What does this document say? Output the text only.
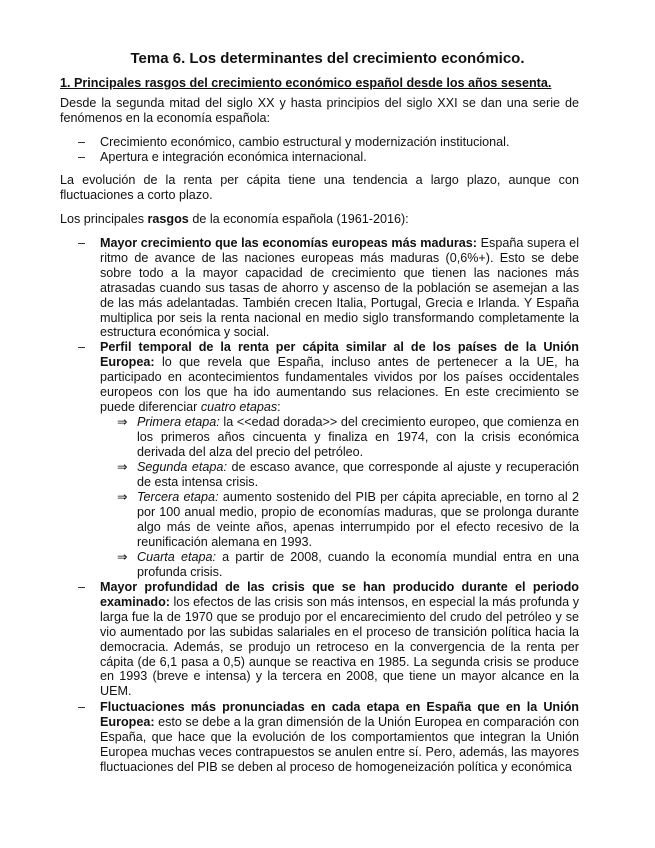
Tema 6. Los determinantes del crecimiento económico.
1. Principales rasgos del crecimiento económico español desde los años sesenta.
Desde la segunda mitad del siglo XX y hasta principios del siglo XXI se dan una serie de fenómenos en la economía española:
–	Crecimiento económico, cambio estructural y modernización institucional.
–	Apertura e integración económica internacional.
La evolución de la renta per cápita tiene una tendencia a largo plazo, aunque con fluctuaciones a corto plazo.
Los principales rasgos de la economía española (1961-2016):
–	Mayor crecimiento que las economías europeas más maduras: España supera el ritmo de avance de las naciones europeas más maduras (0,6%+). Esto se debe sobre todo a la mayor capacidad de crecimiento que tienen las naciones más atrasadas cuando sus tasas de ahorro y ascenso de la población se asemejan a las de las más adelantadas. También crecen Italia, Portugal, Grecia e Irlanda. Y España multiplica por seis la renta nacional en medio siglo transformando completamente la estructura económica y social.
–	Perfil temporal de la renta per cápita similar al de los países de la Unión Europea: lo que revela que España, incluso antes de pertenecer a la UE, ha participado en acontecimientos fundamentales vividos por los países occidentales europeos con los que ha ido aumentando sus relaciones. En este crecimiento se puede diferenciar cuatro etapas:
⇒ Primera etapa: la <<edad dorada>> del crecimiento europeo, que comienza en los primeros años cincuenta y finaliza en 1974, con la crisis económica derivada del alza del precio del petróleo.
⇒ Segunda etapa: de escaso avance, que corresponde al ajuste y recuperación de esta intensa crisis.
⇒ Tercera etapa: aumento sostenido del PIB per cápita apreciable, en torno al 2 por 100 anual medio, propio de economías maduras, que se prolonga durante algo más de veinte años, apenas interrumpido por el efecto recesivo de la reunificación alemana en 1993.
⇒ Cuarta etapa: a partir de 2008, cuando la economía mundial entra en una profunda crisis.
–	Mayor profundidad de las crisis que se han producido durante el periodo examinado: los efectos de las crisis son más intensos, en especial la más profunda y larga fue la de 1970 que se produjo por el encarecimiento del crudo del petróleo y se vio aumentado por las subidas salariales en el proceso de transición política hacia la democracia. Además, se produjo un retroceso en la convergencia de la renta per cápita (de 6,1 pasa a 0,5) aunque se reactiva en 1985. La segunda crisis se produce en 1993 (breve e intensa) y la tercera en 2008, que tiene un mayor alcance en la UEM.
–	Fluctuaciones más pronunciadas en cada etapa en España que en la Unión Europea: esto se debe a la gran dimensión de la Unión Europea en comparación con España, que hace que la evolución de los comportamientos que integran la Unión Europea muchas veces contrapuestos se anulen entre sí. Pero, además, las mayores fluctuaciones del PIB se deben al proceso de homogeneización política y económica
